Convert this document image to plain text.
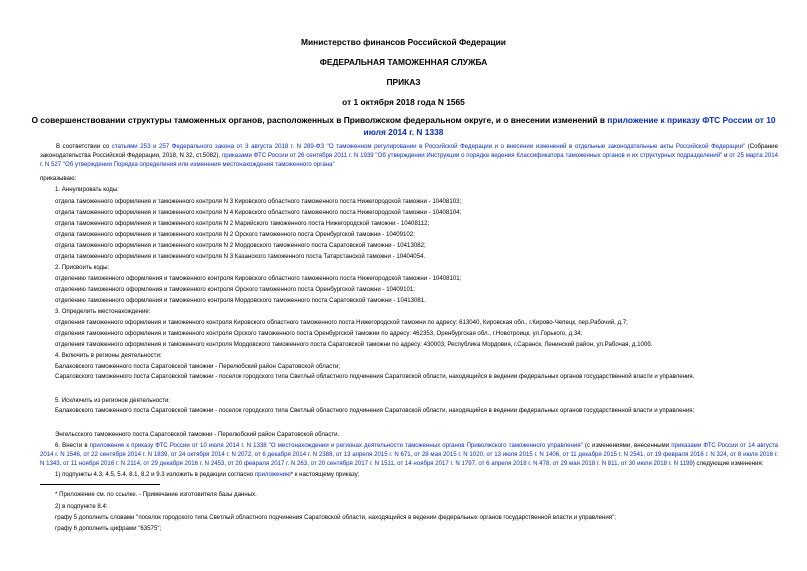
Министерство финансов Российской Федерации
ФЕДЕРАЛЬНАЯ ТАМОЖЕННАЯ СЛУЖБА
ПРИКАЗ
от 1 октября 2018 года N 1565
О совершенствовании структуры таможенных органов, расположенных в Приволжском федеральном округе, и о внесении изменений в приложение к приказу ФТС России от 10 июля 2014 г. N 1338
В соответствии со статьями 253 и 257 Федерального закона от 3 августа 2018 г. N 289-ФЗ "О таможенном регулировании в Российской Федерации и о внесении изменений в отдельные законодательные акты Российской Федерации" (Собрание законодательства Российской Федерации, 2018, N 32, ст.5082), приказами ФТС России от 26 сентября 2011 г. N 1939 "Об утверждении Инструкции о порядке ведения Классификатора таможенных органов и их структурных подразделений" и от 25 марта 2014 г. N 527 "Об утверждении Порядка определения или изменения местонахождения таможенного органа"
приказываю:
1. Аннулировать коды:
отдела таможенного оформления и таможенного контроля N 3 Кировского областного таможенного поста Нижегородской таможни - 10408103;
отдела таможенного оформления и таможенного контроля N 4 Кировского областного таможенного поста Нижегородской таможни - 10408104;
отдела таможенного оформления и таможенного контроля N 2 Марийского таможенного поста Нижегородской таможни - 10408112;
отдела таможенного оформления и таможенного контроля N 2 Орского таможенного поста Оренбургской таможни - 10409102;
отдела таможенного оформления и таможенного контроля N 2 Мордовского таможенного поста Саратовской таможни - 10413082;
отдела таможенного оформления и таможенного контроля N 3 Казанского таможенного поста Татарстанской таможни - 10404054.
2. Присвоить коды:
отделению таможенного оформления и таможенного контроля Кировского областного таможенного поста Нижегородской таможни - 10408101;
отделению таможенного оформления и таможенного контроля Орского таможенного поста Оренбургской таможни - 10409101;
отделению таможенного оформления и таможенного контроля Мордовского таможенного поста Саратовской таможни - 10413081.
3. Определить местонахождение:
отделения таможенного оформления и таможенного контроля Кировского областного таможенного поста Нижегородской таможни по адресу: 613040, Кировская обл., г.Кирово-Чепецк, пер.Рабочий, д.7;
отделения таможенного оформления и таможенного контроля Орского таможенного поста Оренбургской таможни по адресу: 462353, Оренбургская обл., г.Новотроицк, ул.Горького, д.34;
отделения таможенного оформления и таможенного контроля Мордовского таможенного поста Саратовской таможни по адресу: 430003, Республика Мордовия, г.Саранск, Ленинский район, ул.Рабочая, д.100б.
4. Включить в регионы деятельности:
Балаковского таможенного поста Саратовской таможни - Перелюбский район Саратовской области;
Саратовского таможенного поста Саратовской таможни - поселок городского типа Светлый областного подчинения Саратовской области, находящийся в ведении федеральных органов государственной власти и управления.
5. Исключить из регионов деятельности:
Балаковского таможенного поста Саратовской таможни - поселок городского типа Светлый областного подчинения Саратовской области, находящийся в ведении федеральных органов государственной власти и управления;
Энгельсского таможенного поста Саратовской таможни - Перелюбский район Саратовской области.
6. Внести в приложение к приказу ФТС России от 10 июля 2014 г. N 1338 "О местонахождении и регионах деятельности таможенных органов Приволжского таможенного управления" (с изменениями, внесенными приказами ФТС России от 14 августа 2014 г. N 1546, от 22 сентября 2014 г. N 1839, от 24 октября 2014 г. N 2072, от 8 декабря 2014 г. N 2388, от 13 апреля 2015 г. N 671, от 28 мая 2015 г. N 1020, от 13 июля 2015 г. N 1406, от 11 декабря 2015 г. N 2541, от 19 февраля 2016 г. N 324, от 8 июля 2016 г. N 1343, от 11 ноября 2016 г. N 2114, от 29 декабря 2016 г. N 2453, от 20 февраля 2017 г. N 263, от 20 сентября 2017 г. N 1511, от 14 ноября 2017 г. N 1797, от 6 апреля 2018 г. N 478, от 29 мая 2018 г. N 811, от 30 июля 2018 г. N 1199) следующие изменения:
1) подпункты 4.3, 4.5, 5.4, 8.1, 8.2 и 9.3 изложить в редакции согласно приложению* к настоящему приказу;
* Приложение см. по ссылке. - Примечание изготовителя базы данных.
2) в подпункте 8.4:
графу 5 дополнить словами "поселок городского типа Светлый областного подчинения Саратовской области, находящийся в ведении федеральных органов государственной власти и управления";
графу 6 дополнить цифрами "63575";
